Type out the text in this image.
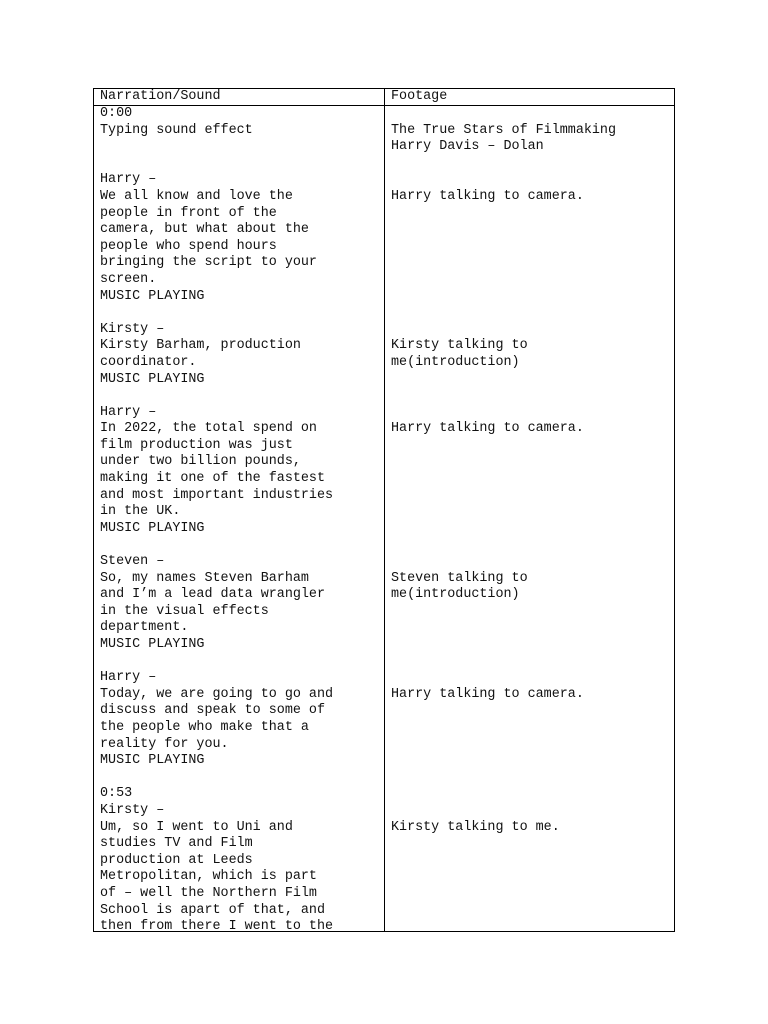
Narration/Sound	Footage
0:00
Typing sound effect
Harry –
We all know and love the
people in front of the
camera, but what about the
people who spend hours
bringing the script to your
screen.
MUSIC PLAYING
Kirsty –
Kirsty Barham, production
coordinator.
MUSIC PLAYING
Harry –
In 2022, the total spend on
film production was just
under two billion pounds,
making it one of the fastest
and most important industries
in the UK.
MUSIC PLAYING
Steven –
So, my names Steven Barham
and I’m a lead data wrangler
in the visual effects
department.
MUSIC PLAYING
Harry –
Today, we are going to go and
discuss and speak to some of
the people who make that a
reality for you.
MUSIC PLAYING
0:53
Kirsty –
Um, so I went to Uni and
studies TV and Film
production at Leeds
Metropolitan, which is part
of – well the Northern Film
School is apart of that, and
then from there I went to the
The True Stars of Filmmaking
Harry Davis – Dolan
Harry talking to camera.
Kirsty talking to
me(introduction)
Harry talking to camera.
Steven talking to
me(introduction)
Harry talking to camera.
Kirsty talking to me.
